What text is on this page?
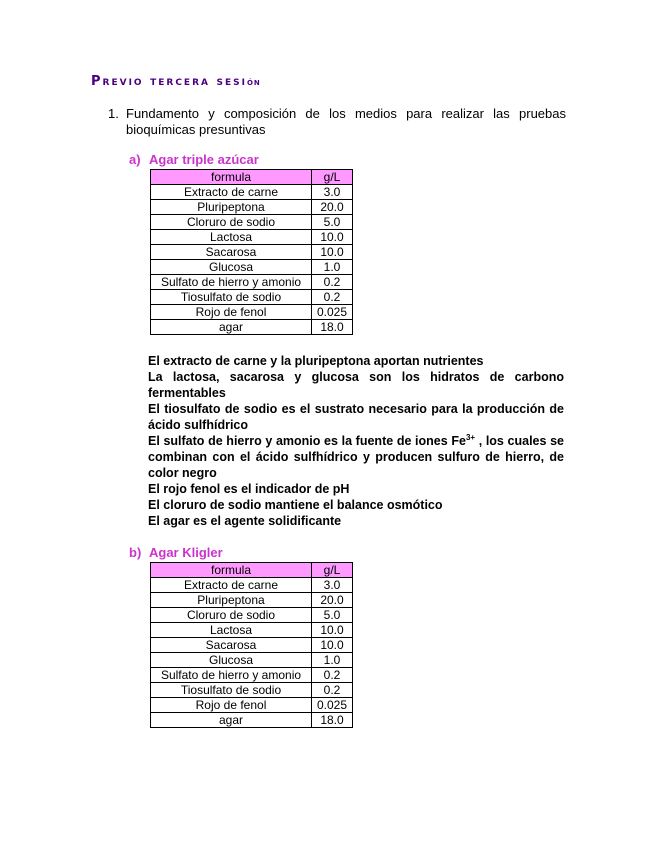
Previo tercera sesión
1. Fundamento y composición de los medios para realizar las pruebas bioquímicas presuntivas
a) Agar triple azúcar
formula	g/L
Extracto de carne	3.0
Pluripeptona	20.0
Cloruro de sodio	5.0
Lactosa	10.0
Sacarosa	10.0
Glucosa	1.0
Sulfato de hierro y amonio	0.2
Tiosulfato de sodio	0.2
Rojo de fenol	0.025
agar	18.0

El extracto de carne y la pluripeptona aportan nutrientes

La lactosa, sacarosa y glucosa son los hidratos de carbono fermentables

El tiosulfato de sodio es el sustrato necesario para la producción de ácido sulfhídrico

El sulfato de hierro y amonio es la fuente de iones $Fe^{3+}$ , los cuales se combinan con el ácido sulfhídrico y producen sulfuro de hierro, de color negro

El rojo fenol es el indicador de pH

El cloruro de sodio mantiene el balance osmótico

El agar es el agente solidificante

b) Agar Kligler
formula	g/L
Extracto de carne	3.0
Pluripeptona	20.0
Cloruro de sodio	5.0
Lactosa	10.0
Sacarosa	10.0
Glucosa	1.0
Sulfato de hierro y amonio	0.2
Tiosulfato de sodio	0.2
Rojo de fenol	0.025
agar	18.0
